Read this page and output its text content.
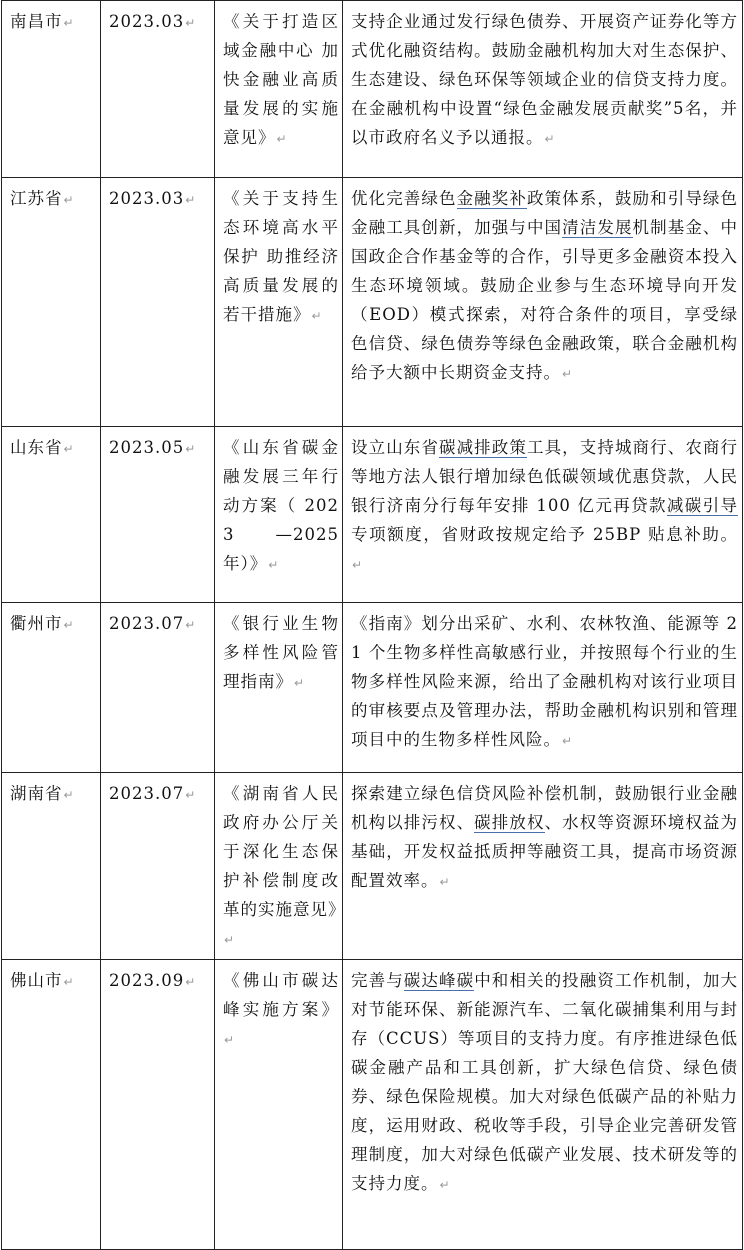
南昌市↵	2023.03↵	《关于打造区域金融中心 加快金融业高质量发展的实施意见》↵	支持企业通过发行绿色债券、开展资产证券化等方式优化融资结构。鼓励金融机构加大对生态保护、生态建设、绿色环保等领域企业的信贷支持力度。在金融机构中设置“绿色金融发展贡献奖”5名，并以市政府名义予以通报。↵
江苏省↵	2023.03↵	《关于支持生态环境高水平保护 助推经济高质量发展的若干措施》↵	优化完善绿色金融奖补政策体系，鼓励和引导绿色金融工具创新，加强与中国清洁发展机制基金、中国政企合作基金等的合作，引导更多金融资本投入生态环境领域。鼓励企业参与生态环境导向开发（EOD）模式探索，对符合条件的项目，享受绿色信贷、绿色债券等绿色金融政策，联合金融机构给予大额中长期资金支持。↵
山东省↵	2023.05↵	《山东省碳金融发展三年行动方案（ 2023 —2025年）》↵	设立山东省碳减排政策工具，支持城商行、农商行等地方法人银行增加绿色低碳领域优惠贷款，人民银行济南分行每年安排 100 亿元再贷款减碳引导专项额度，省财政按规定给予 25BP 贴息补助。↵
衢州市↵	2023.07↵	《银行业生物多样性风险管理指南》↵	《指南》划分出采矿、水利、农林牧渔、能源等 21 个生物多样性高敏感行业，并按照每个行业的生物多样性风险来源，给出了金融机构对该行业项目的审核要点及管理办法，帮助金融机构识别和管理项目中的生物多样性风险。↵
湖南省↵	2023.07↵	《湖南省人民政府办公厅关于深化生态保护补偿制度改革的实施意见》↵	探索建立绿色信贷风险补偿机制，鼓励银行业金融机构以排污权、碳排放权、水权等资源环境权益为基础，开发权益抵质押等融资工具，提高市场资源配置效率。↵
佛山市↵	2023.09↵	《佛山市碳达峰实施方案》↵	完善与碳达峰碳中和相关的投融资工作机制，加大对节能环保、新能源汽车、二氧化碳捕集利用与封存（CCUS）等项目的支持力度。有序推进绿色低碳金融产品和工具创新，扩大绿色信贷、绿色债券、绿色保险规模。加大对绿色低碳产品的补贴力度，运用财政、税收等手段，引导企业完善研发管理制度，加大对绿色低碳产业发展、技术研发等的支持力度。↵
